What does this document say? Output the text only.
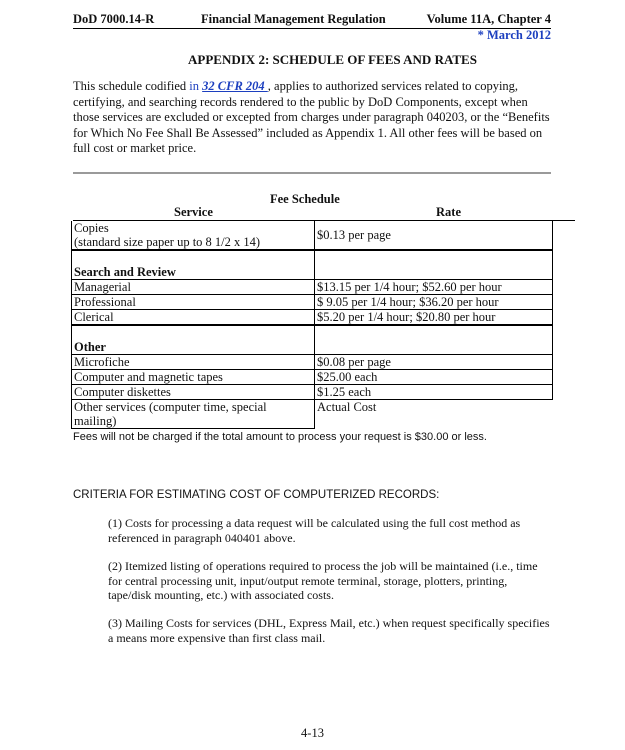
DoD 7000.14-R	Financial Management Regulation	Volume 11A, Chapter 4
* March 2012
APPENDIX 2: SCHEDULE OF FEES AND RATES
This schedule codified in 32 CFR 204 , applies to authorized services related to copying, certifying, and searching records rendered to the public by DoD Components, except when those services are excluded or excepted from charges under paragraph 040203, or the “Benefits for Which No Fee Shall Be Assessed” included as Appendix 1. All other fees will be based on full cost or market price.
Fee Schedule
Service	Rate
Copies
(standard size paper up to 8 1/2 x 14)	$0.13 per page

Search and Review	
Managerial	$13.15 per 1/4 hour; $52.60 per hour
Professional	$ 9.05 per 1/4 hour; $36.20 per hour
Clerical	$5.20 per 1/4 hour; $20.80 per hour
Other	
Microfiche	$0.08 per page
Computer and magnetic tapes	$25.00 each
Computer diskettes	$1.25 each
Other services (computer time, special mailing)	Actual Cost
Fees will not be charged if the total amount to process your request is $30.00 or less.
CRITERIA FOR ESTIMATING COST OF COMPUTERIZED RECORDS:
(1) Costs for processing a data request will be calculated using the full cost method as referenced in paragraph 040401 above.
(2) Itemized listing of operations required to process the job will be maintained (i.e., time for central processing unit, input/output remote terminal, storage, plotters, printing, tape/disk mounting, etc.) with associated costs.
(3) Mailing Costs for services (DHL, Express Mail, etc.) when request specifically specifies a means more expensive than first class mail.
4-13
